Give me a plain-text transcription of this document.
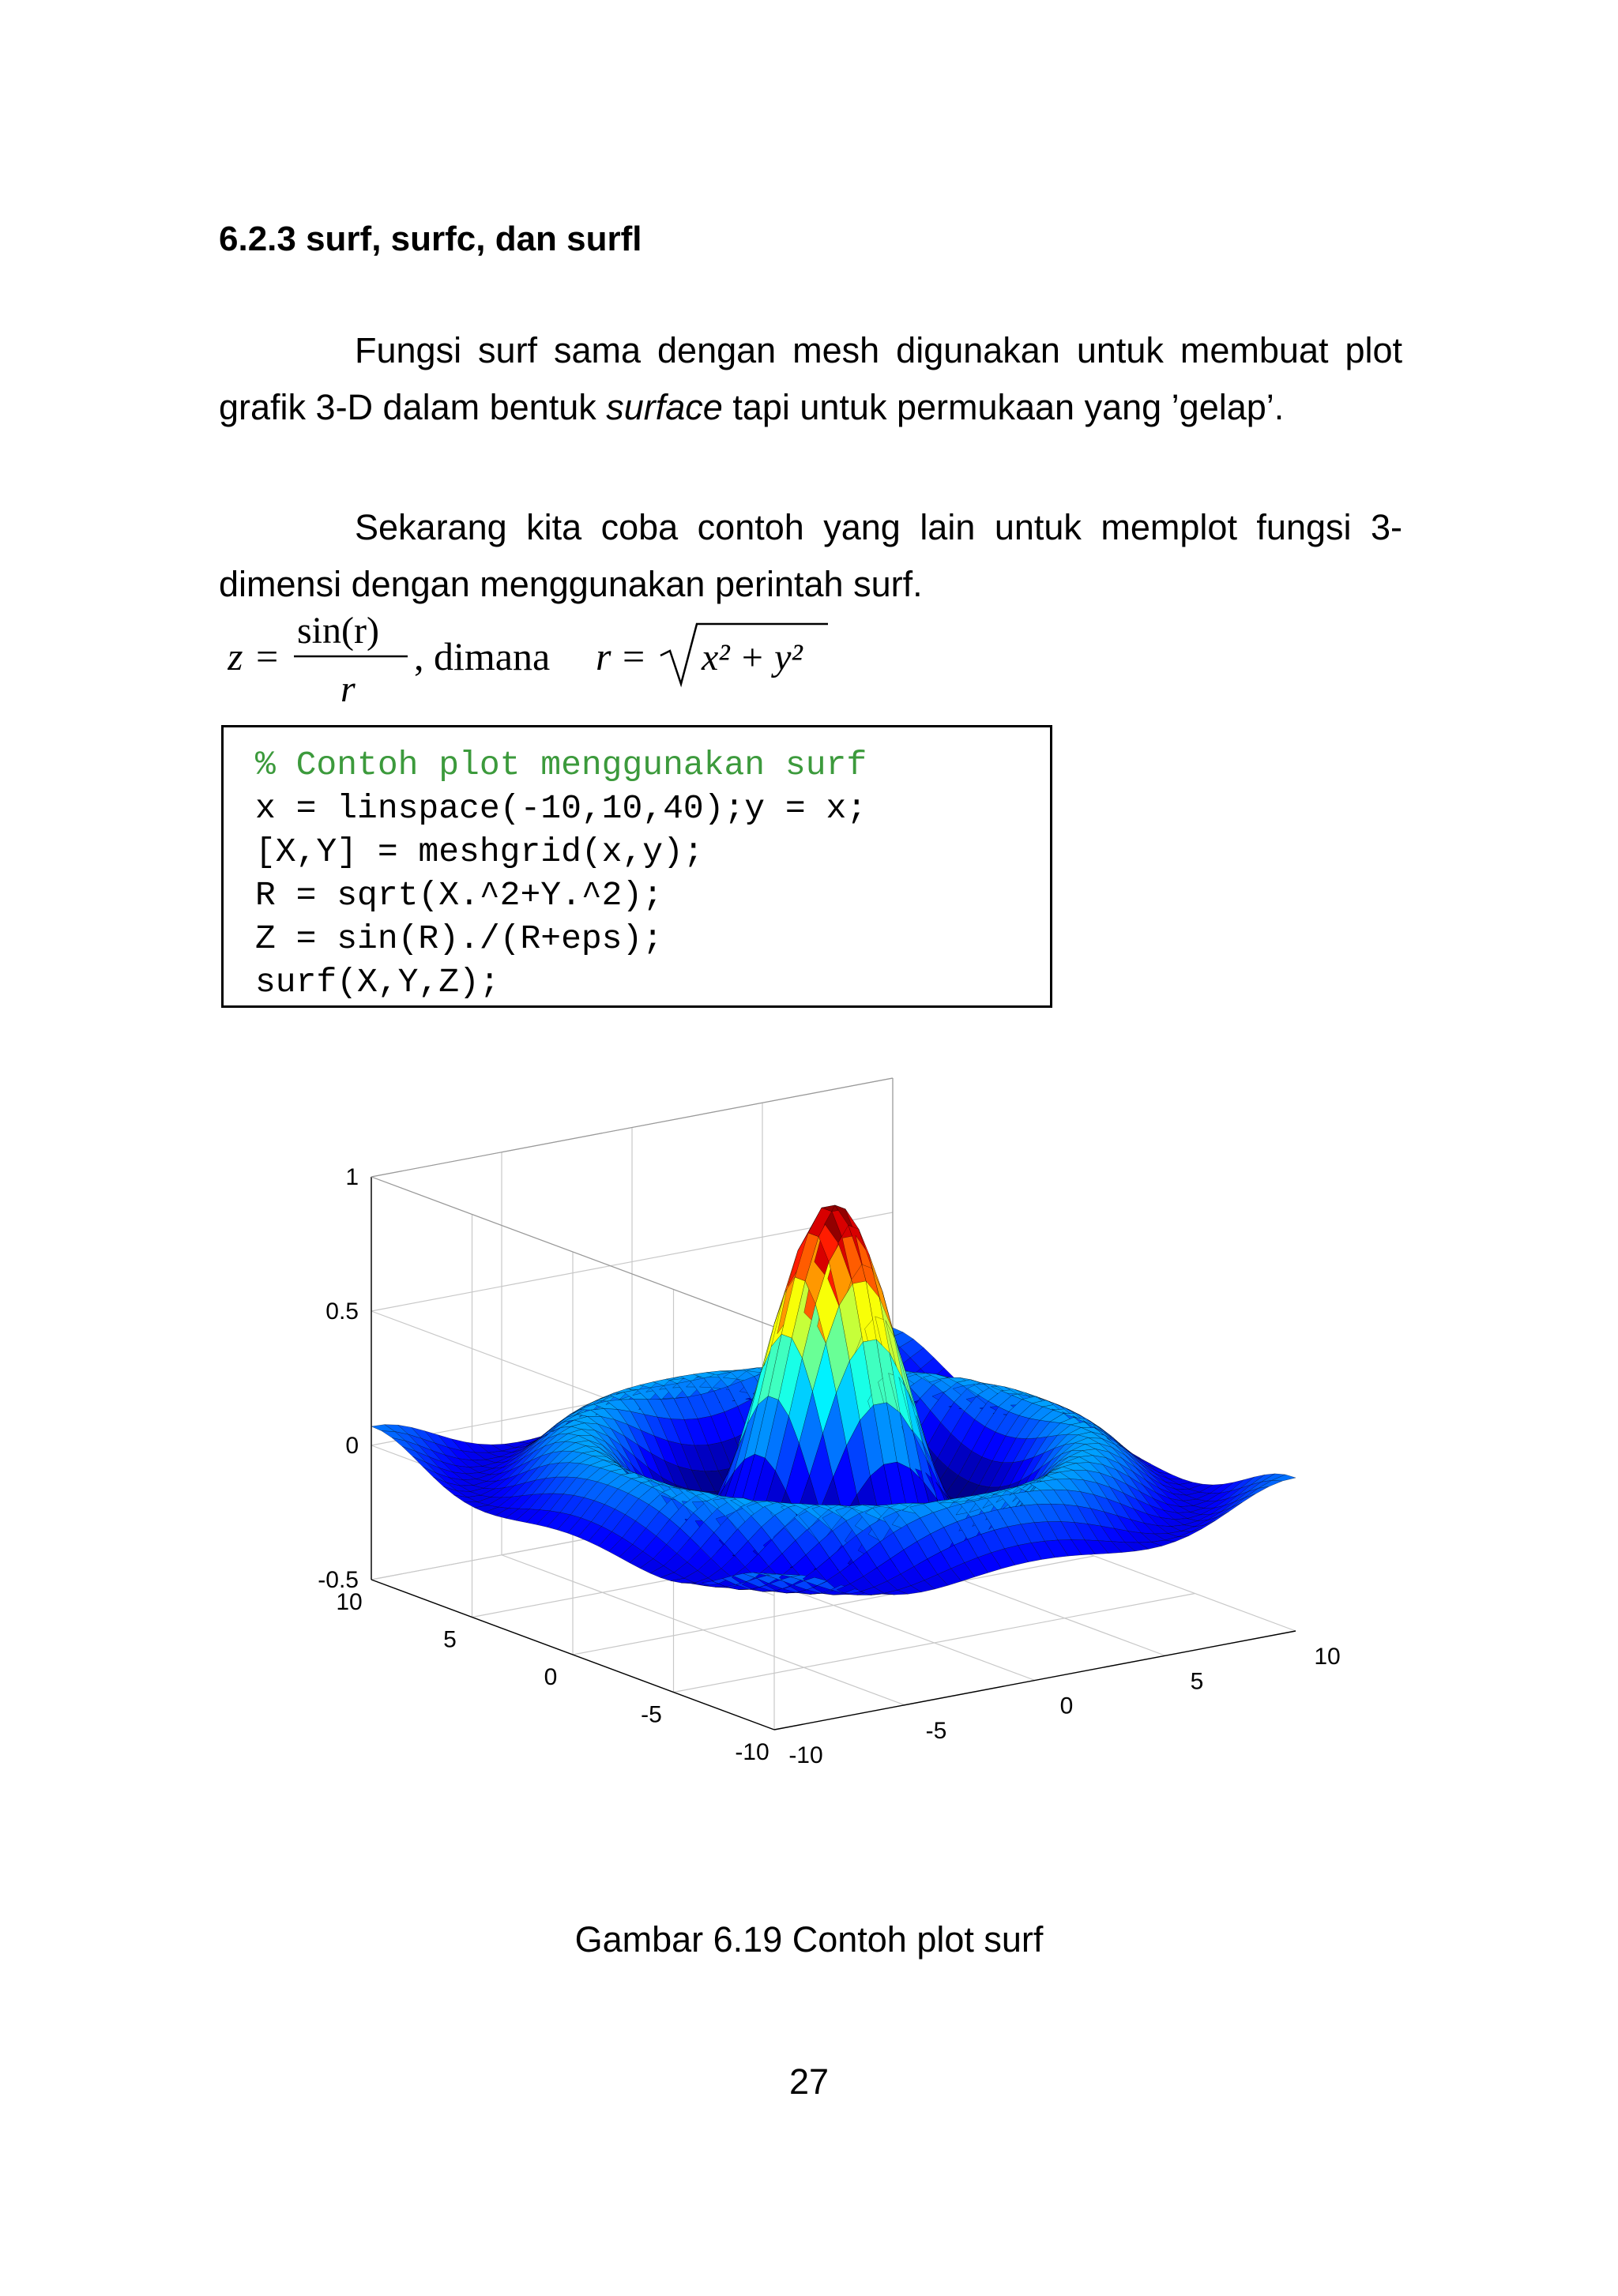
6.2.3 surf, surfc, dan surfl

Fungsi surf sama dengan mesh digunakan untuk membuat plot grafik 3-D dalam bentuk surface tapi untuk permukaan yang ’gelap’.

Sekarang kita coba contoh yang lain untuk memplot fungsi 3-dimensi dengan menggunakan perintah surf.

z =
sin(r)
r
, dimana r = x² + y²
% Contoh plot menggunakan surf
x = linspace(-10,10,40);y = x;
[X,Y] = meshgrid(x,y);
R = sqrt(X.^2+Y.^2);
Z = sin(R)./(R+eps);
surf(X,Y,Z);
1
0.5
0
-0.5
10
5
0
-5
-10 -10
-5
0
5
10
Gambar 6.19 Contoh plot surf
27
